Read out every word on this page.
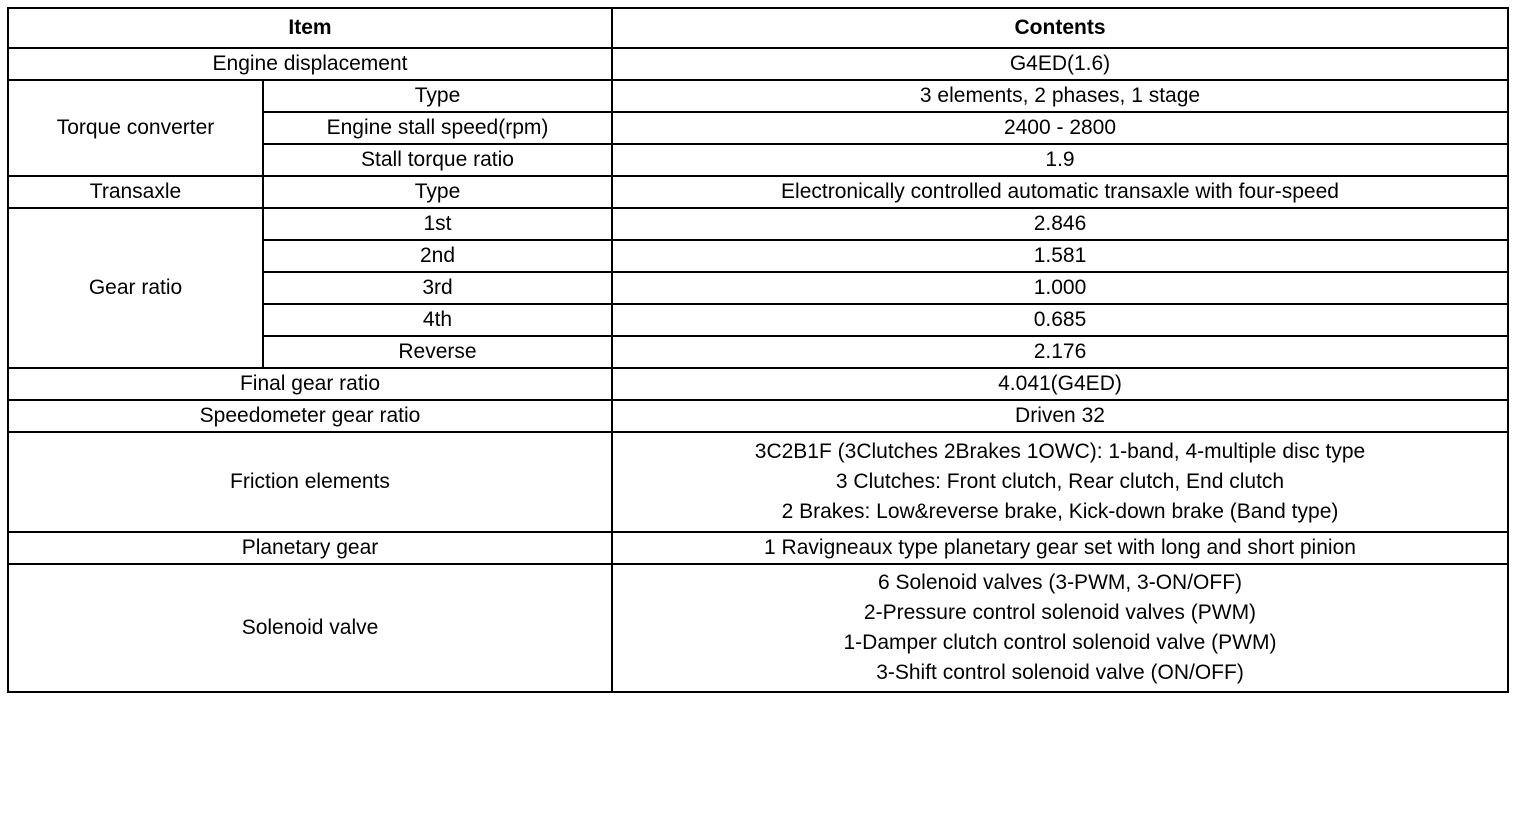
Item		Contents
Engine displacement		G4ED(1.6)
Torque converter	Type	3 elements, 2 phases, 1 stage
	Engine stall speed(rpm)	2400 - 2800
	Stall torque ratio	1.9
Transaxle	Type	Electronically controlled automatic transaxle with four-speed
Gear ratio	1st	2.846
	2nd	1.581
	3rd	1.000
	4th	0.685
	Reverse	2.176
Final gear ratio		4.041(G4ED)
Speedometer gear ratio		Driven 32
Friction elements		3C2B1F (3Clutches 2Brakes 1OWC): 1-band, 4-multiple disc type
3 Clutches: Front clutch, Rear clutch, End clutch
2 Brakes: Low&reverse brake, Kick-down brake (Band type)

Planetary gear		1 Ravigneaux type planetary gear set with long and short pinion
Solenoid valve		6 Solenoid valves (3-PWM, 3-ON/OFF)
2-Pressure control solenoid valves (PWM)
1-Damper clutch control solenoid valve (PWM)
3-Shift control solenoid valve (ON/OFF)
